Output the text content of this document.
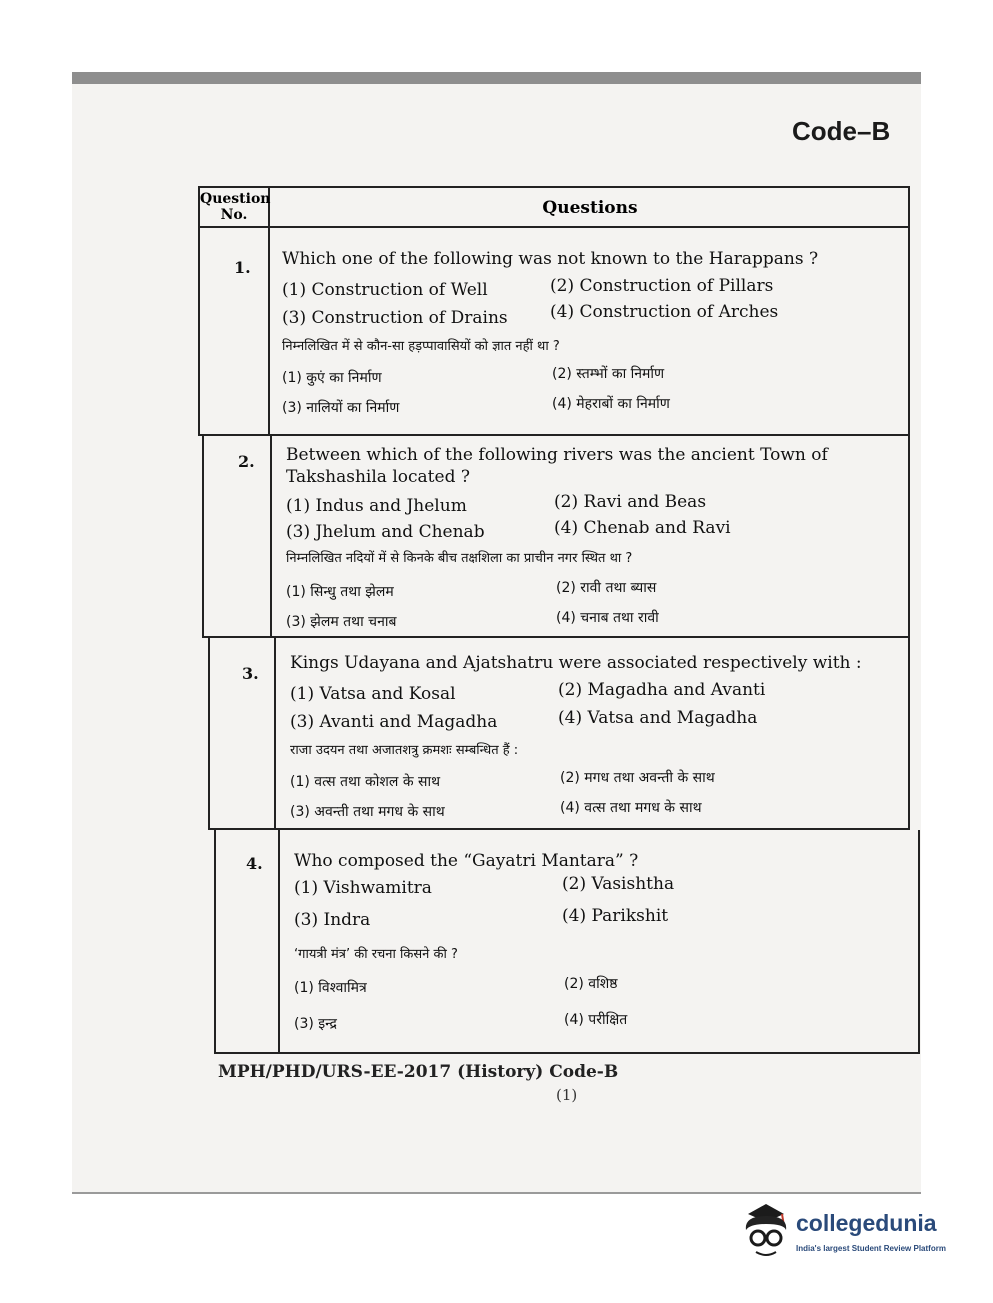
Code–B
Question No.	Questions
1. Which one of the following was not known to the Harappans ?
(1) Construction of Well	(2) Construction of Pillars
(3) Construction of Drains (4) Construction of Arches
निम्नलिखित में से कौन-सा हड़प्पावासियों को ज्ञात नहीं था ?
(1) कुएं का निर्माण	(2) स्तम्भों का निर्माण
(3) नालियों का निर्माण	(4) मेहराबों का निर्माण
2. Between which of the following rivers was the ancient Town of Takshashila located ?
(1) Indus and Jhelum	(2) Ravi and Beas
(3) Jhelum and Chenab	(4) Chenab and Ravi
निम्नलिखित नदियों में से किनके बीच तक्षशिला का प्राचीन नगर स्थित था ?
(1) सिन्धु तथा झेलम	(2) रावी तथा ब्यास
(3) झेलम तथा चनाब	(4) चनाब तथा रावी
3.
Kings Udayana and Ajatshatru were associated respectively with :
(1) Vatsa and Kosal	(2) Magadha and Avanti
(3) Avanti and Magadha	(4) Vatsa and Magadha
राजा उदयन तथा अजातशत्रु क्रमशः सम्बन्धित हैं :
(1) वत्स तथा कोशल के साथ	(2) मगध तथा अवन्ती के साथ
(3) अवन्ती तथा मगध के साथ	(4) वत्स तथा मगध के साथ
4. Who composed the “Gayatri Mantara” ?
(1) Vishwamitra	(2) Vasishtha
(3) Indra	(4) Parikshit
‘गायत्री मंत्र’ की रचना किसने की ?
(1) विश्वामित्र	(2) वशिष्ठ
(3) इन्द्र	(4) परीक्षित
MPH/PHD/URS-EE-2017 (History) Code-B
(1)
collegedunia
India's largest Student Review Platform
